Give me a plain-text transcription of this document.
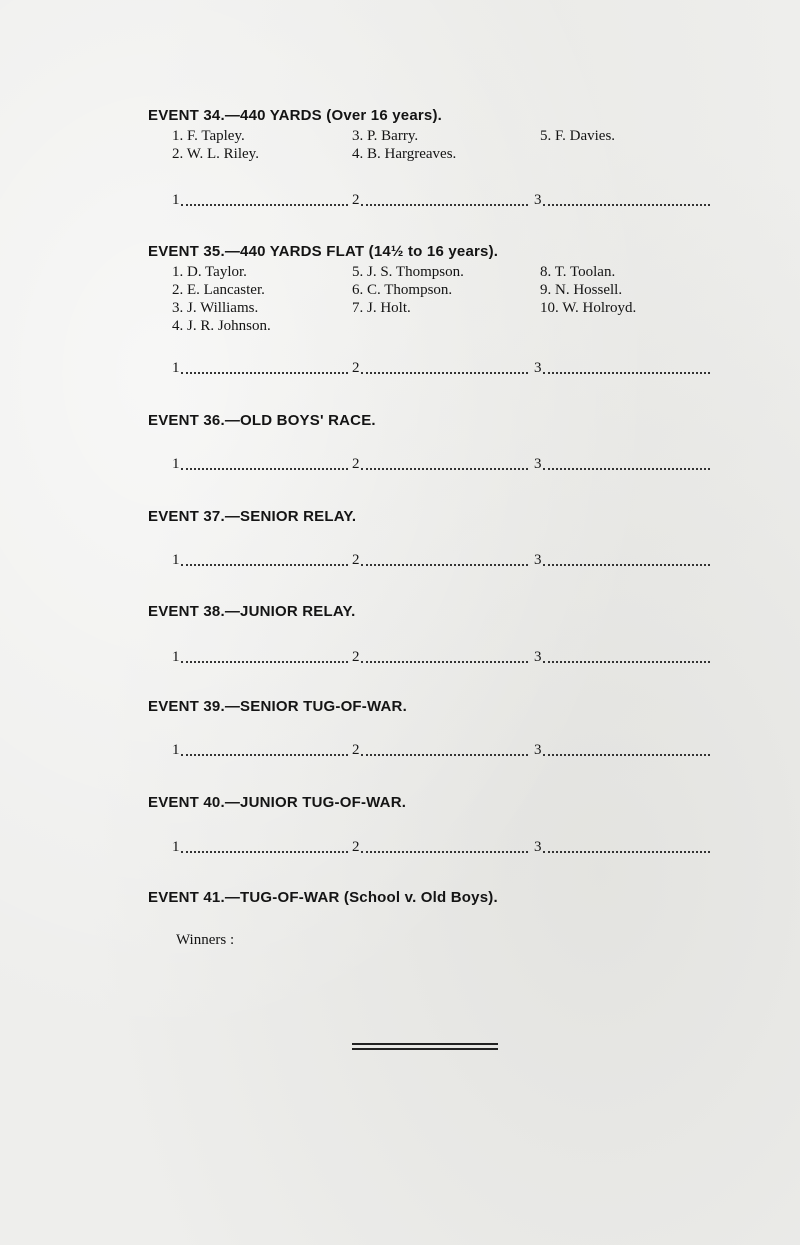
EVENT 34.—440 YARDS (Over 16 years).
1. F. Tapley.	3. P. Barry.	5. F. Davies.
2. W. L. Riley.	4. B. Hargreaves.
1	2	3
EVENT 35.—440 YARDS FLAT (14½ to 16 years).
1. D. Taylor.	5. J. S. Thompson.	8. T. Toolan.
2. E. Lancaster.	6. C. Thompson.	9. N. Hossell.
3. J. Williams.	7. J. Holt.	10. W. Holroyd.
4. J. R. Johnson.
1	2	3
EVENT 36.—OLD BOYS' RACE.
1	2	3
EVENT 37.—SENIOR RELAY.
1	2	3
EVENT 38.—JUNIOR RELAY.
1	2	3
EVENT 39.—SENIOR TUG-OF-WAR.
1	2	3
EVENT 40.—JUNIOR TUG-OF-WAR.
1	2	3
EVENT 41.—TUG-OF-WAR (School v. Old Boys).
Winners :
